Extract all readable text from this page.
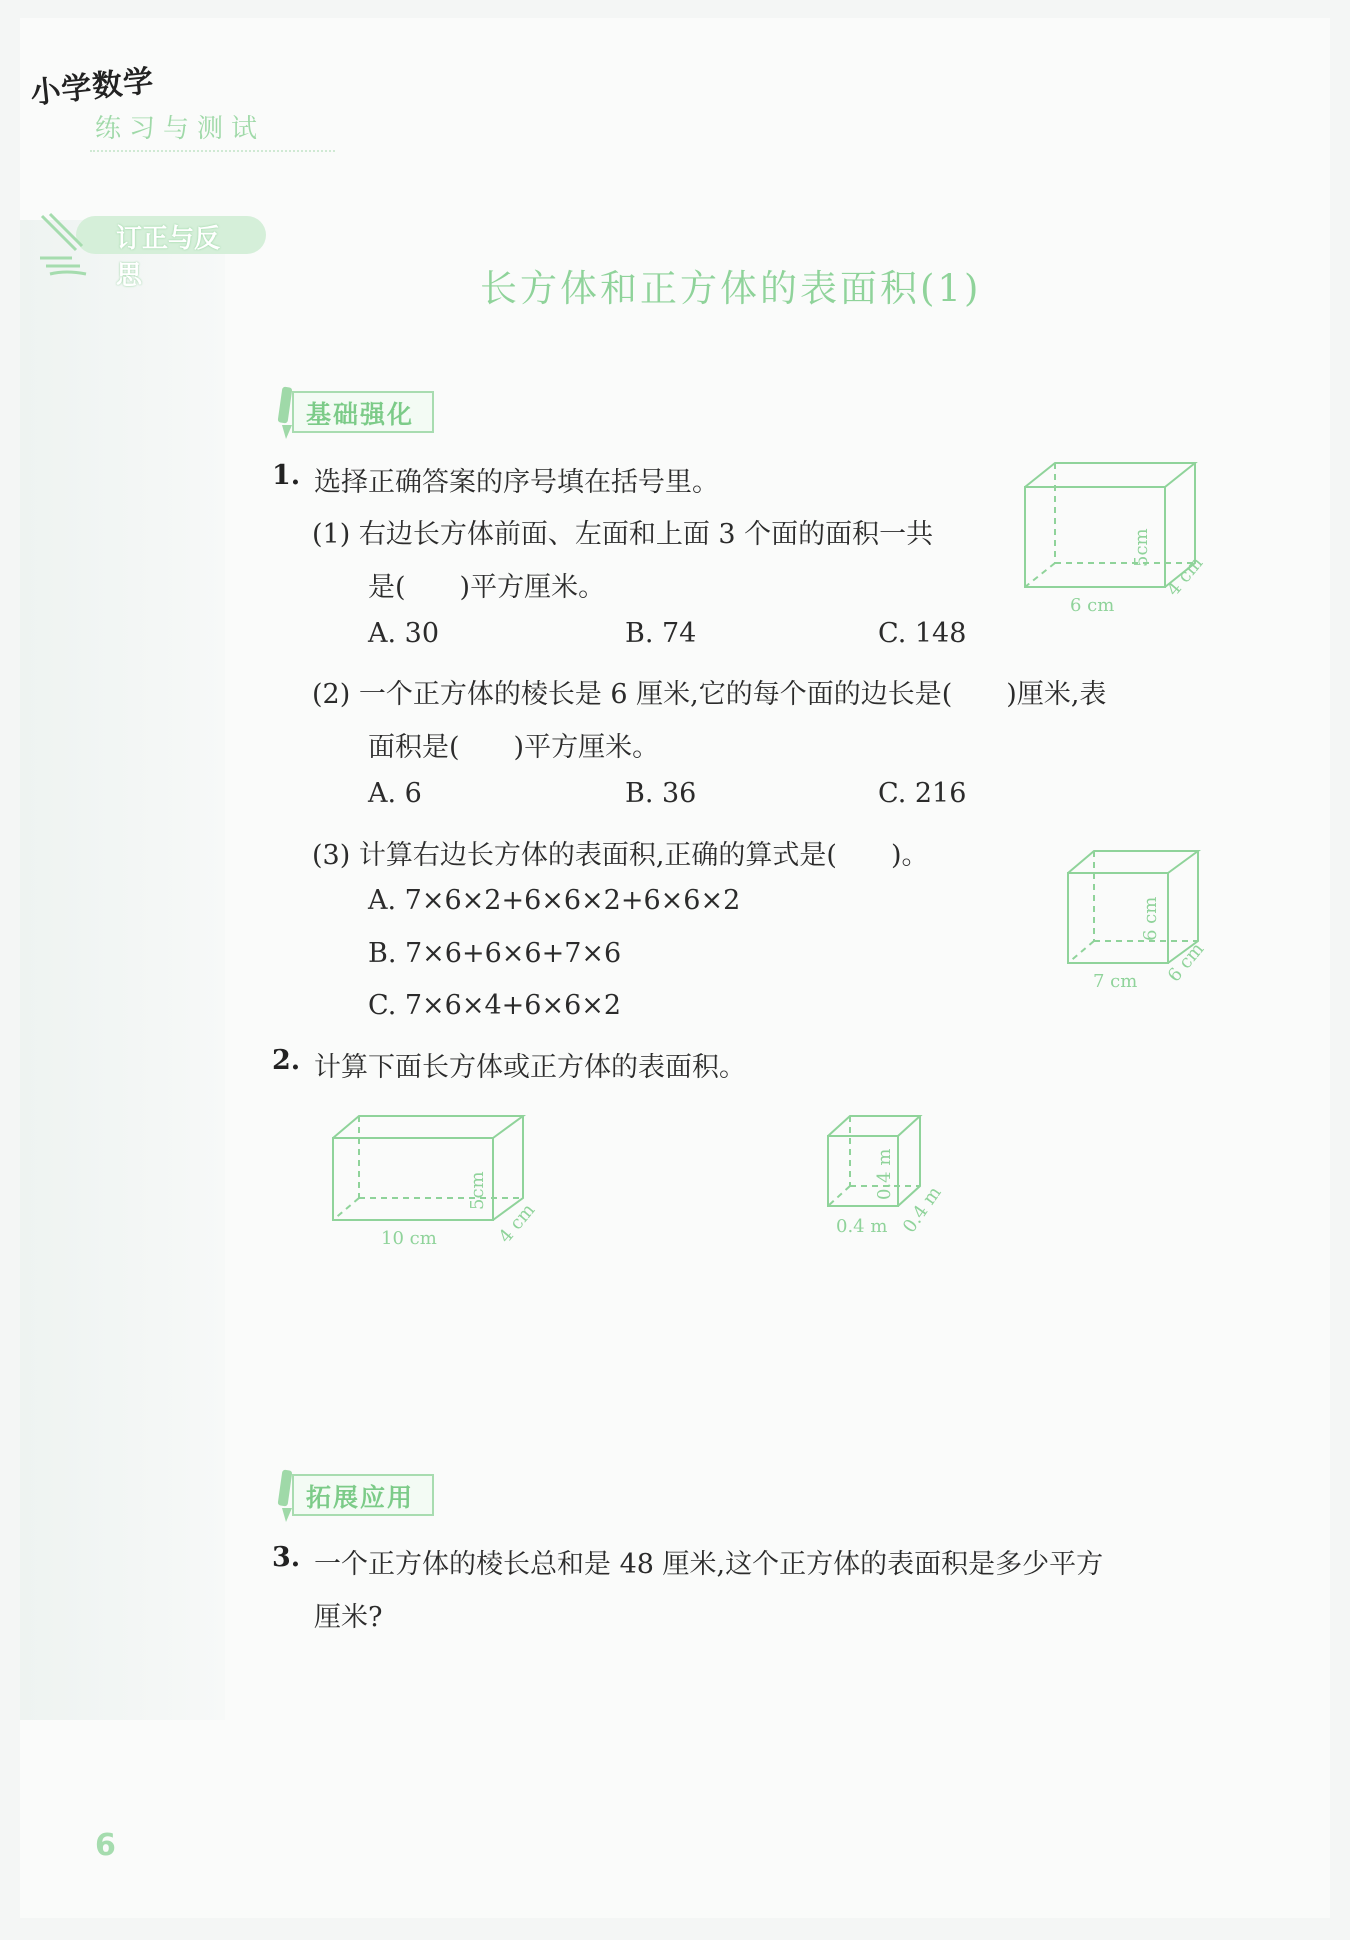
小学数学
练习与测试
订正与反思	长方体和正方体的表面积(1)
基础强化
1. 选择正确答案的序号填在括号里。
(1) 右边长方体前面、左面和上面 3 个面的面积一共
是(　　)平方厘米。
A. 30	B. 74	C. 148
6 cm
5cm
4 cm
(2) 一个正方体的棱长是 6 厘米,它的每个面的边长是(　　)厘米,表
面积是(　　)平方厘米。
A. 6	B. 36	C. 216
(3) 计算右边长方体的表面积,正确的算式是(　　)。
A. 7×6×2+6×6×2+6×6×2
B. 7×6+6×6+7×6
C. 7×6×4+6×6×2
7 cm
6 cm
6 cm
2. 计算下面长方体或正方体的表面积。
10 cm
5cm
4 cm	0.4 m
0.4 m
0.4 m
拓展应用
3. 一个正方体的棱长总和是 48 厘米,这个正方体的表面积是多少平方
厘米?
6
